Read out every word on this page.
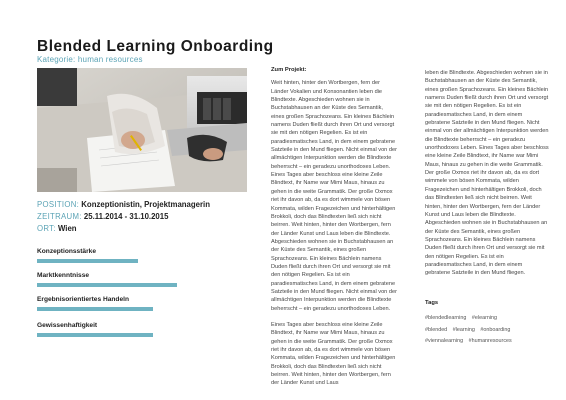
Blended Learning Onboarding
Kategorie: human resources
POSITION: Konzeptionistin, Projektmanagerin
ZEITRAUM: 25.11.2014 - 31.10.2015
ORT: Wien
Konzeptionsstärke
Marktkenntnisse
Ergebnisorientiertes Handeln
Gewissenhaftigkeit
Zum Projekt:

Weit hinten, hinter den Wortbergen, fern der Länder Vokalien und Konsonantien leben die Blindtexte. Abgeschieden wohnen sie in Buchstabhausen an der Küste des Semantik, eines großen Sprachozeans. Ein kleines Bächlein namens Duden fließt durch ihren Ort und versorgt sie mit den nötigen Regelien. Es ist ein paradiesmatisches Land, in dem einem gebratene Satzteile in den Mund fliegen. Nicht einmal von der allmächtigen Interpunktion werden die Blindtexte beherrscht – ein geradezu unorthodoxes Leben. Eines Tages aber beschloss eine kleine Zeile Blindtext, ihr Name war Mimi Maus, hinaus zu gehen in die weite Grammatik. Der große Oxmox riet ihr davon ab, da es dort wimmele von bösen Kommata, wilden Fragezeichen und hinterhältigen Brokkoli, doch das Blindtexten ließ sich nicht beirren. Weit hinten, hinter den Wortbergen, fern der Länder Kunst und Laus leben die Blindtexte. Abgeschieden wohnen sie in Buchstabhausen an der Küste des Semantik, eines großen Sprachozeans. Ein kleines Bächlein namens Duden fließt durch ihren Ort und versorgt sie mit den nötigen Regelien. Es ist ein paradiesmatisches Land, in dem einem gebratene Satzteile in den Mund fliegen. Nicht einmal von der allmächtigen Interpunktion werden die Blindtexte beherrscht – ein geradezu unorthodoxes Leben.

Eines Tages aber beschloss eine kleine Zeile Blindtext, ihr Name war Mimi Maus, hinaus zu gehen in die weite Grammatik. Der große Oxmox riet ihr davon ab, da es dort wimmele von bösen Kommata, wilden Fragezeichen und hinterhältigen Brokkoli, doch das Blindtexten ließ sich nicht beirren. Weit hinten, hinter den Wortbergen, fern der Länder Kunst und Laus

leben die Blindtexte. Abgeschieden wohnen sie in Buchstabhausen an der Küste des Semantik, eines großen Sprachozeans. Ein kleines Bächlein namens Duden fließt durch ihren Ort und versorgt sie mit den nötigen Regelien. Es ist ein paradiesmatisches Land, in dem einem gebratene Satzteile in den Mund fliegen. Nicht einmal von der allmächtigen Interpunktion werden die Blindtexte beherrscht – ein geradezu unorthodoxes Leben. Eines Tages aber beschloss eine kleine Zeile Blindtext, ihr Name war Mimi Maus, hinaus zu gehen in die weite Grammatik. Der große Oxmox riet ihr davon ab, da es dort wimmele von bösen Kommata, wilden Fragezeichen und hinterhältigen Brokkoli, doch das Blindtexten ließ sich nicht beirren. Weit hinten, hinter den Wortbergen, fern der Länder Kunst und Laus leben die Blindtexte. Abgeschieden wohnen sie in Buchstabhausen an der Küste des Semantik, eines großen Sprachozeans. Ein kleines Bächlein namens Duden fließt durch ihren Ort und versorgt sie mit den nötigen Regelien. Es ist ein paradiesmatisches Land, in dem einem gebratene Satzteile in den Mund fliegen.

Tags
#blendedlearning #elearning
#blended #learning #onboarding
#viennalearning #humanresources
